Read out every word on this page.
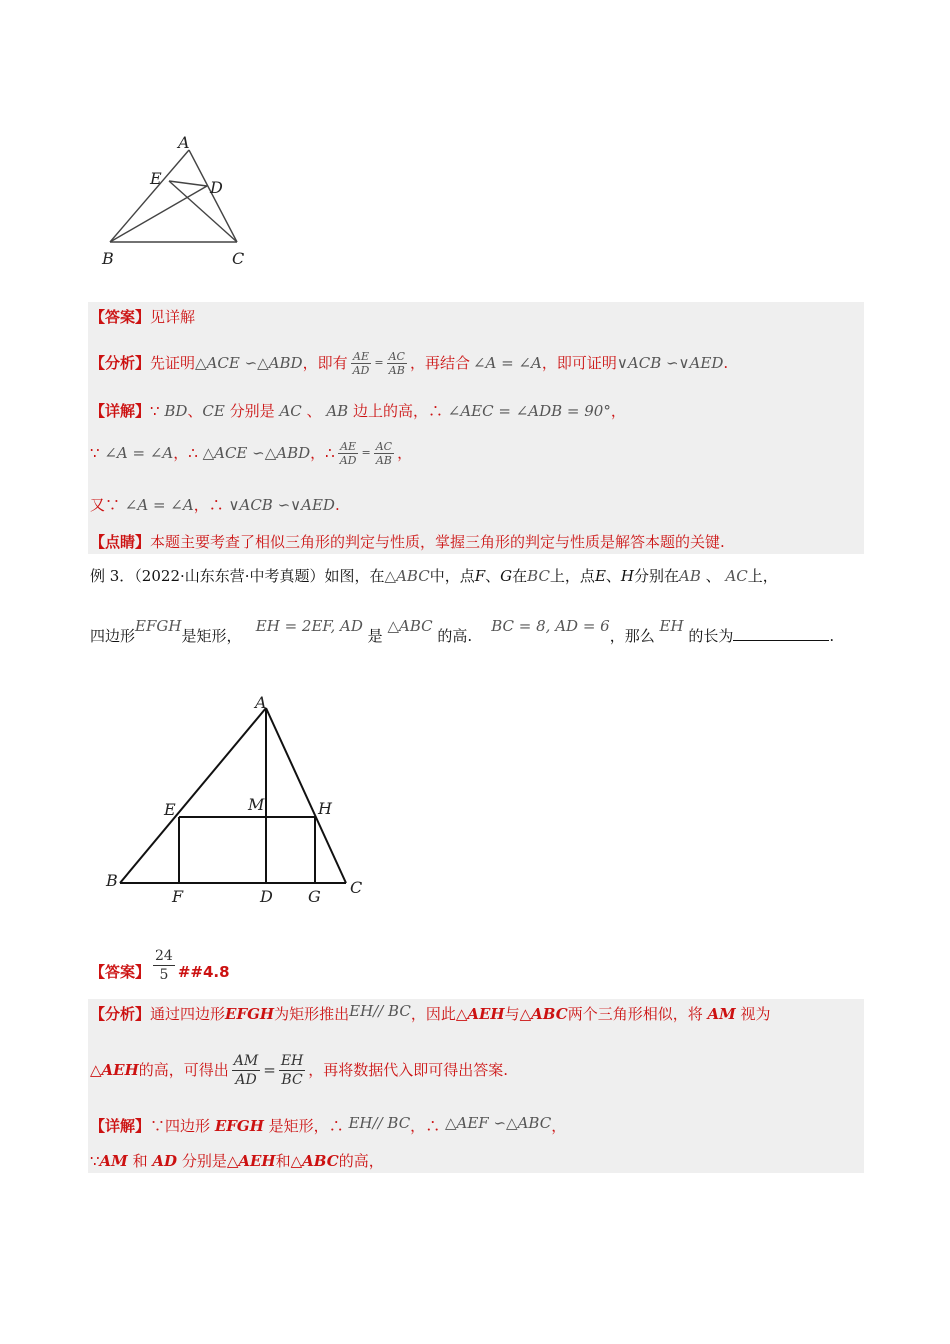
A
E	D
B	C
【答案】见详解
【分析】 先证明 △ACE ∽△ABD ，即有 $\frac{AE}{AD} = \frac{AC}{AB}$ ，再结合 ∠A = ∠A ，即可证明 ∨ACB ∽∨AED .
【详解】∵ BD、CE 分别是 AC 、 AB 边上的高，∴ ∠AEC = ∠ADB = 90°，
∵
∠A = ∠A ， ∴
△ACE ∽△ABD ， ∴ $\frac{AE}{AD} = \frac{AC}{AB}$ ，
又∵ ∠A = ∠A，∴ ∨ACB ∽∨AED.
【点睛】本题主要考查了相似三角形的判定与性质，掌握三角形的判定与性质是解答本题的关键.
例 3．（2022·山东东营·中考真题）如图，在△ABC中，点F、G在BC上，点E、H分别在AB 、 AC上，
四边形EFGH是矩形，   EH = 2EF, AD 是 △ABC 的高.    BC = 8, AD = 6，那么 EH 的长为	.
A
E	M	H
B
F	D G C
【答案】 $\frac{24}{5}$ ##4.8
【分析】通过四边形EFGH为矩形推出EH// BC，因此△AEH与△ABC两个三角形相似，将 AM 视为
△AEH 的高，可得出 $\frac{AM}{AD} = \frac{EH}{BC}$ ，再将数据代入即可得出答案.
【详解】∵四边形 EFGH 是矩形，∴ EH// BC，∴ △AEF ∽△ABC，
∵AM 和 AD 分别是△AEH和△ABC的高，
